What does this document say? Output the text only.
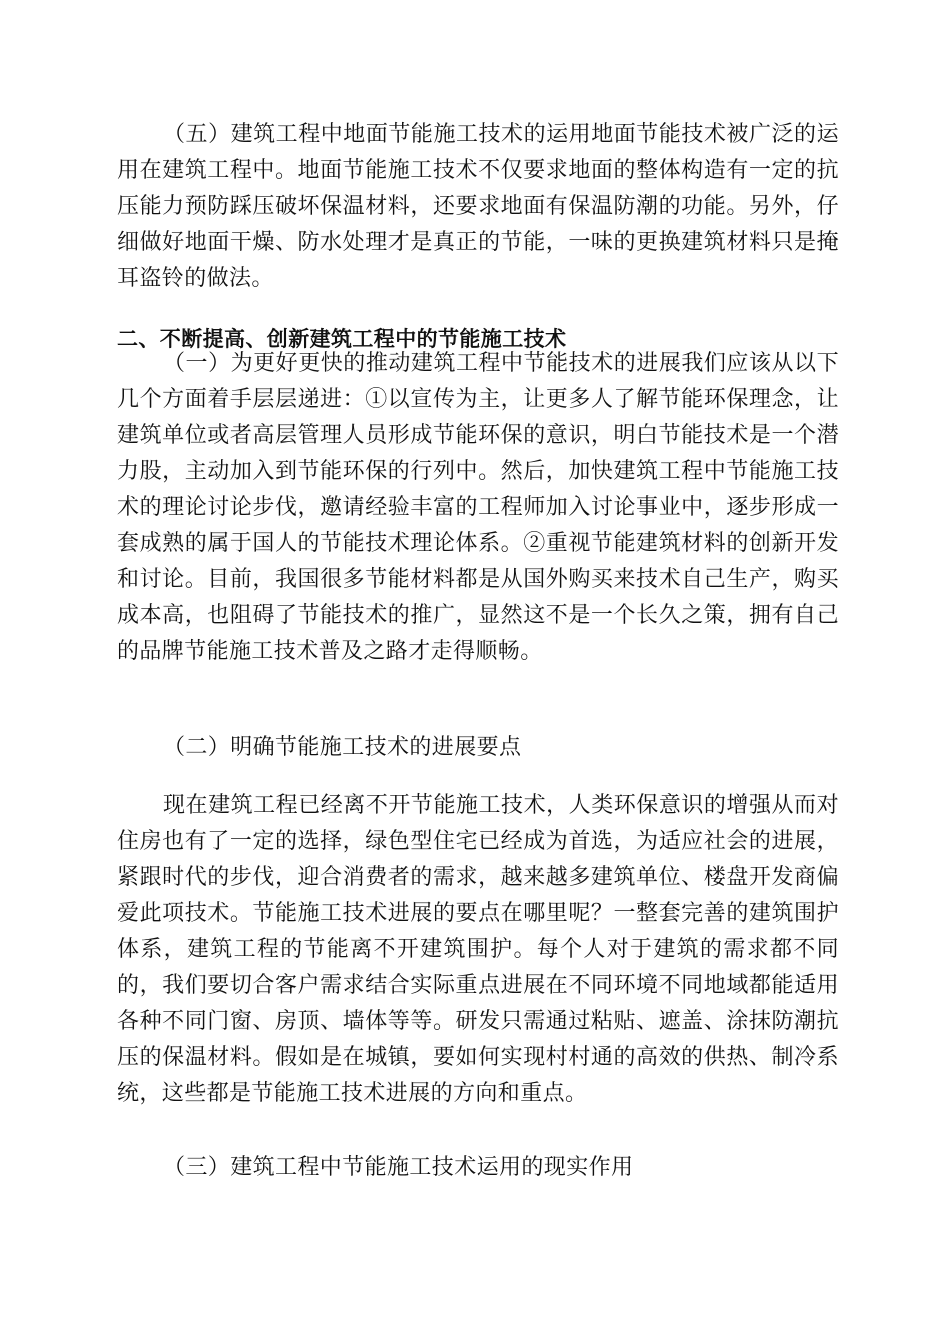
（五）建筑工程中地面节能施工技术的运用地面节能技术被广泛的运用在建筑工程中。地面节能施工技术不仅要求地面的整体构造有一定的抗压能力预防踩压破坏保温材料，还要求地面有保温防潮的功能。另外，仔细做好地面干燥、防水处理才是真正的节能，一味的更换建筑材料只是掩耳盗铃的做法。

二、不断提高、创新建筑工程中的节能施工技术

（一）为更好更快的推动建筑工程中节能技术的进展我们应该从以下几个方面着手层层递进：①以宣传为主，让更多人了解节能环保理念，让建筑单位或者高层管理人员形成节能环保的意识，明白节能技术是一个潜力股，主动加入到节能环保的行列中。然后，加快建筑工程中节能施工技术的理论讨论步伐，邀请经验丰富的工程师加入讨论事业中，逐步形成一套成熟的属于国人的节能技术理论体系。②重视节能建筑材料的创新开发和讨论。目前，我国很多节能材料都是从国外购买来技术自己生产，购买成本高，也阻碍了节能技术的推广，显然这不是一个长久之策，拥有自己的品牌节能施工技术普及之路才走得顺畅。

（二）明确节能施工技术的进展要点

现在建筑工程已经离不开节能施工技术，人类环保意识的增强从而对住房也有了一定的选择，绿色型住宅已经成为首选，为适应社会的进展，紧跟时代的步伐，迎合消费者的需求，越来越多建筑单位、楼盘开发商偏爱此项技术。节能施工技术进展的要点在哪里呢？一整套完善的建筑围护体系，建筑工程的节能离不开建筑围护。每个人对于建筑的需求都不同的，我们要切合客户需求结合实际重点进展在不同环境不同地域都能适用各种不同门窗、房顶、墙体等等。研发只需通过粘贴、遮盖、涂抹防潮抗压的保温材料。假如是在城镇，要如何实现村村通的高效的供热、制冷系统，这些都是节能施工技术进展的方向和重点。

（三）建筑工程中节能施工技术运用的现实作用
